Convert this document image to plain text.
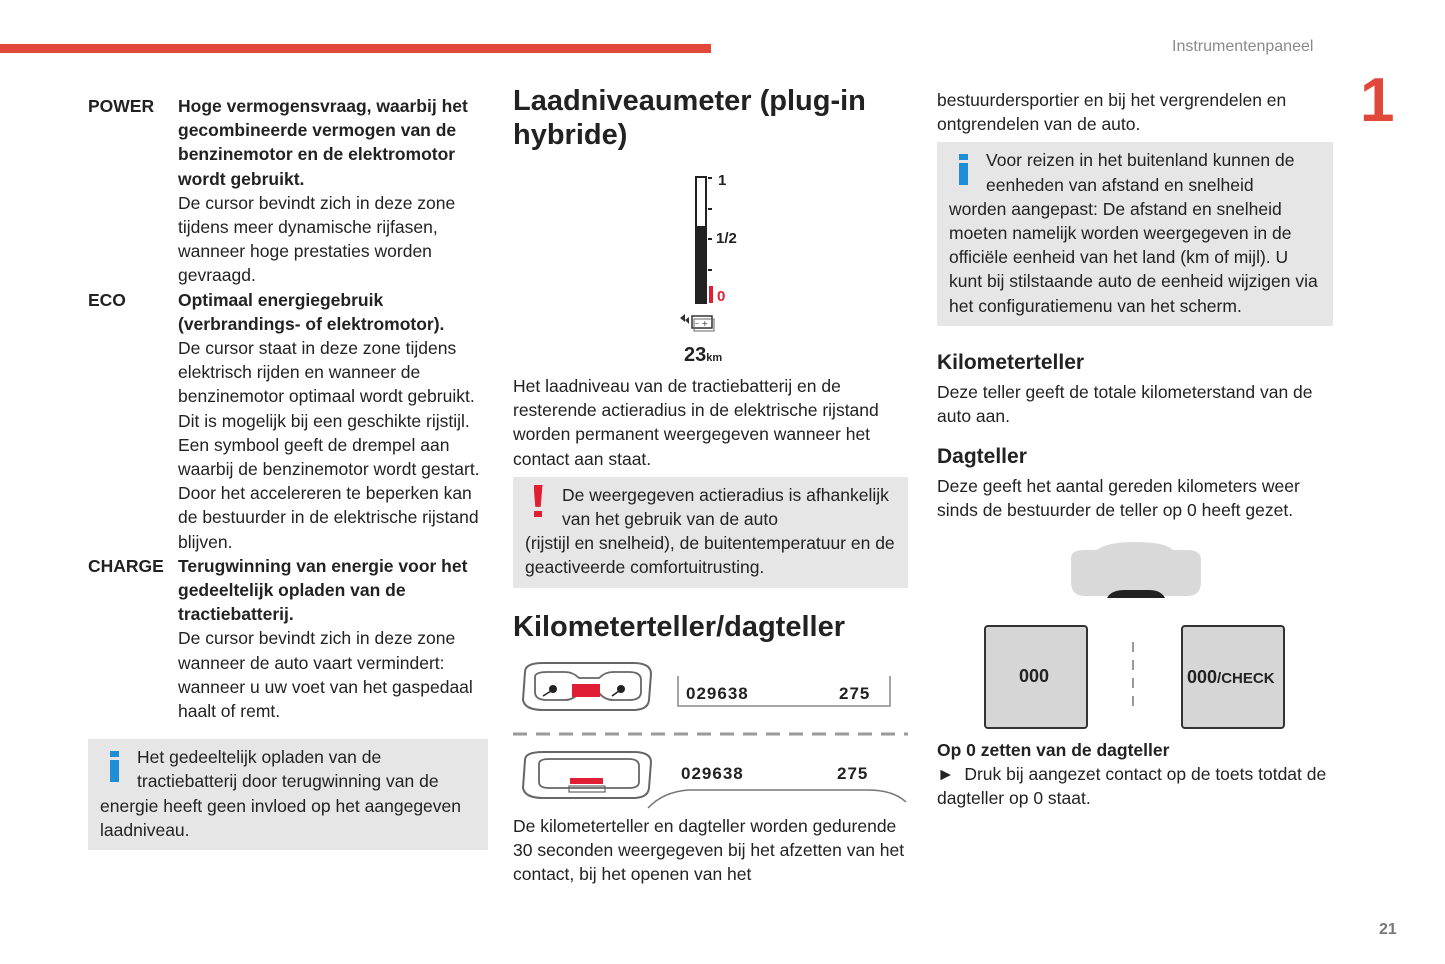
Instrumentenpaneel
1
21
POWER	Hoge vermogensvraag, waarbij het gecombineerde vermogen van de benzinemotor en de elektromotor wordt gebruikt.
De cursor bevindt zich in deze zone tijdens meer dynamische rijfasen, wanneer hoge prestaties worden gevraagd.
ECO	Optimaal energiegebruik (verbrandings- of elektromotor).
De cursor staat in deze zone tijdens elektrisch rijden en wanneer de benzinemotor optimaal wordt gebruikt. Dit is mogelijk bij een geschikte rijstijl.
Een symbool geeft de drempel aan waarbij de benzinemotor wordt gestart. Door het accelereren te beperken kan de bestuurder in de elektrische rijstand blijven.
CHARGE Terugwinning van energie voor het gedeeltelijk opladen van de tractiebatterij.
De cursor bevindt zich in deze zone wanneer de auto vaart vermindert: wanneer u uw voet van het gaspedaal haalt of remt.
Het gedeeltelijk opladen van de tractiebatterij door terugwinning van de
energie heeft geen invloed op het aangegeven laadniveau.
Laadniveaumeter (plug-in hybride)
Het laadniveau van de tractiebatterij en de resterende actieradius in de elektrische rijstand worden permanent weergegeven wanneer het contact aan staat.
De weergegeven actieradius is afhankelijk van het gebruik van de auto
(rijstijl en snelheid), de buitentemperatuur en de geactiveerde comfortuitrusting.
Kilometerteller/dagteller
De kilometerteller en dagteller worden gedurende 30 seconden weergegeven bij het afzetten van het contact, bij het openen van het
– +
1
1/2
0
23km
029638	275
029638	275
bestuurdersportier en bij het vergrendelen en ontgrendelen van de auto.
Voor reizen in het buitenland kunnen de eenheden van afstand en snelheid
worden aangepast: De afstand en snelheid moeten namelijk worden weergegeven in de officiële eenheid van het land (km of mijl). U kunt bij stilstaande auto de eenheid wijzigen via het configuratiemenu van het scherm.
Kilometerteller
Deze teller geeft de totale kilometerstand van de auto aan.
Dagteller
Deze geeft het aantal gereden kilometers weer sinds de bestuurder de teller op 0 heeft gezet.
Op 0 zetten van de dagteller
► Druk bij aangezet contact op de toets totdat de dagteller op 0 staat.
000	000/CHECK
